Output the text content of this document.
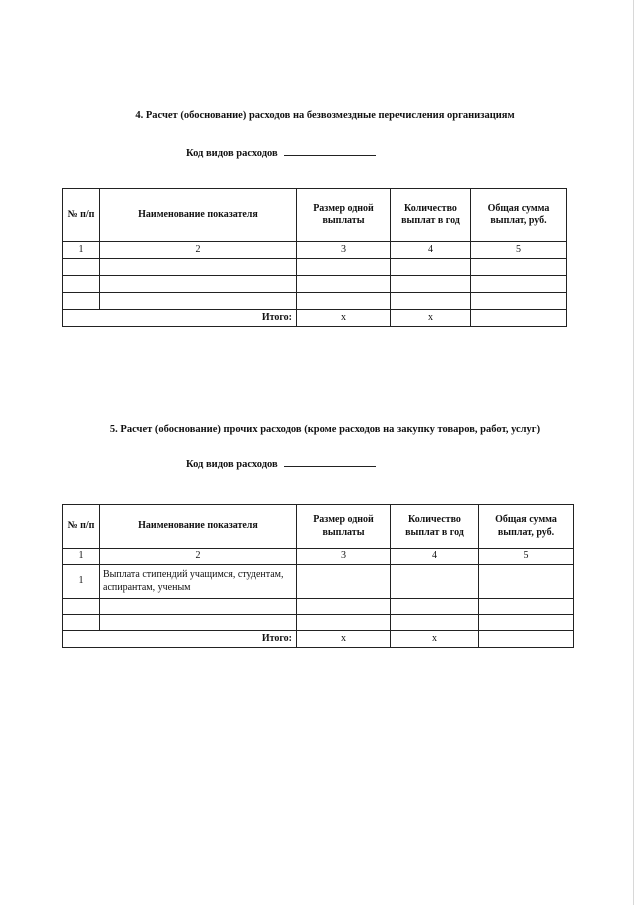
4. Расчет (обоснование) расходов на безвозмездные перечисления организациям
Код видов расходов
№ п/п	Наименование показателя	Размер одной выплаты	Количество выплат в год	Общая сумма выплат, руб.
1	2	3	4	5

Итого:		x	x	
5. Расчет (обоснование) прочих расходов (кроме расходов на закупку товаров, работ, услуг)
Код видов расходов
№ п/п	Наименование показателя	Размер одной выплаты	Количество выплат в год	Общая сумма выплат, руб.
1	2	3	4	5
1	Выплата стипендий учащимся, студентам, аспирантам, ученым			

Итого:		x	x	
